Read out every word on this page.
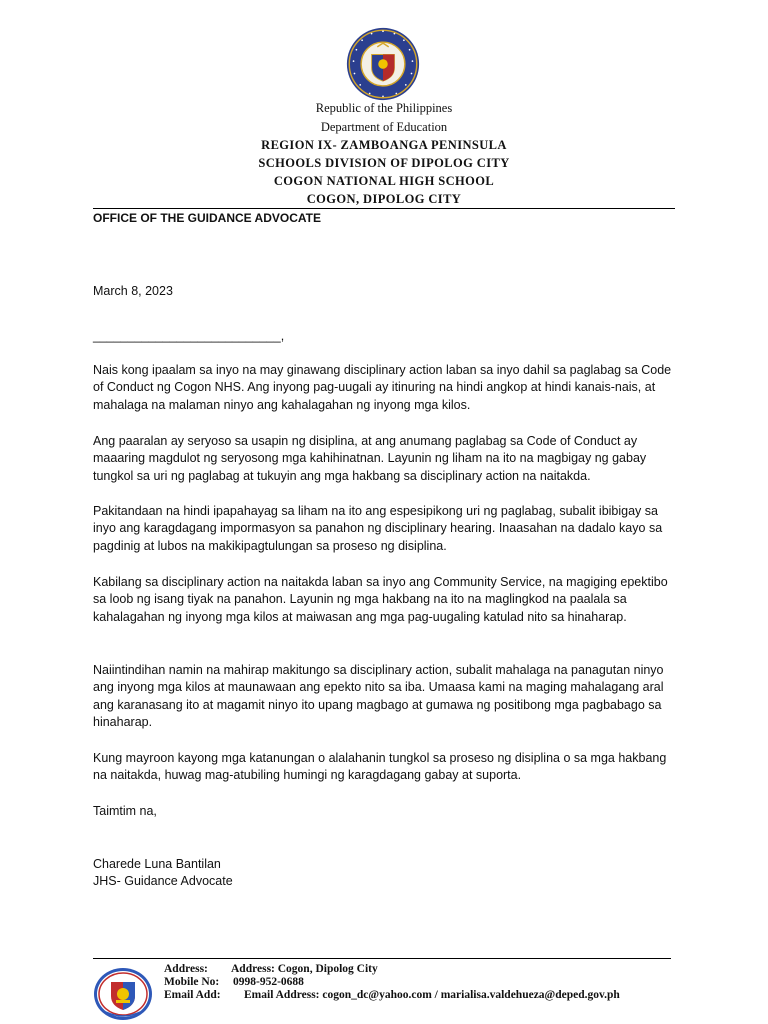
Republic of the Philippines
Department of Education
REGION IX- ZAMBOANGA PENINSULA
SCHOOLS DIVISION OF DIPOLOG CITY
COGON NATIONAL HIGH SCHOOL
COGON, DIPOLOG CITY
OFFICE OF THE GUIDANCE ADVOCATE
March 8, 2023
___________________________,

Nais kong ipaalam sa inyo na may ginawang disciplinary action laban sa inyo dahil sa paglabag sa Code of Conduct ng Cogon NHS. Ang inyong pag-uugali ay itinuring na hindi angkop at hindi kanais-nais, at mahalaga na malaman ninyo ang kahalagahan ng inyong mga kilos.

Ang paaralan ay seryoso sa usapin ng disiplina, at ang anumang paglabag sa Code of Conduct ay maaaring magdulot ng seryosong mga kahihinatnan. Layunin ng liham na ito na magbigay ng gabay tungkol sa uri ng paglabag at tukuyin ang mga hakbang sa disciplinary action na naitakda.

Pakitandaan na hindi ipapahayag sa liham na ito ang espesipikong uri ng paglabag, subalit ibibigay sa inyo ang karagdagang impormasyon sa panahon ng disciplinary hearing. Inaasahan na dadalo kayo sa pagdinig at lubos na makikipagtulungan sa proseso ng disiplina.

Kabilang sa disciplinary action na naitakda laban sa inyo ang Community Service, na magiging epektibo sa loob ng isang tiyak na panahon. Layunin ng mga hakbang na ito na maglingkod na paalala sa kahalagahan ng inyong mga kilos at maiwasan ang mga pag-uugaling katulad nito sa hinaharap.

Naiintindihan namin na mahirap makitungo sa disciplinary action, subalit mahalaga na panagutan ninyo ang inyong mga kilos at maunawaan ang epekto nito sa iba. Umaasa kami na maging mahalagang aral ang karanasang ito at magamit ninyo ito upang magbago at gumawa ng positibong mga pagbabago sa hinaharap.

Kung mayroon kayong mga katanungan o alalahanin tungkol sa proseso ng disiplina o sa mga hakbang na naitakda, huwag mag-atubiling humingi ng karagdagang gabay at suporta.

Taimtim na,
Charede Luna Bantilan
JHS- Guidance Advocate
Address: Address: Cogon, Dipolog City
Mobile No: 0998-952-0688
Email Add: Email Address: cogon_dc@yahoo.com / marialisa.valdehueza@deped.gov.ph
